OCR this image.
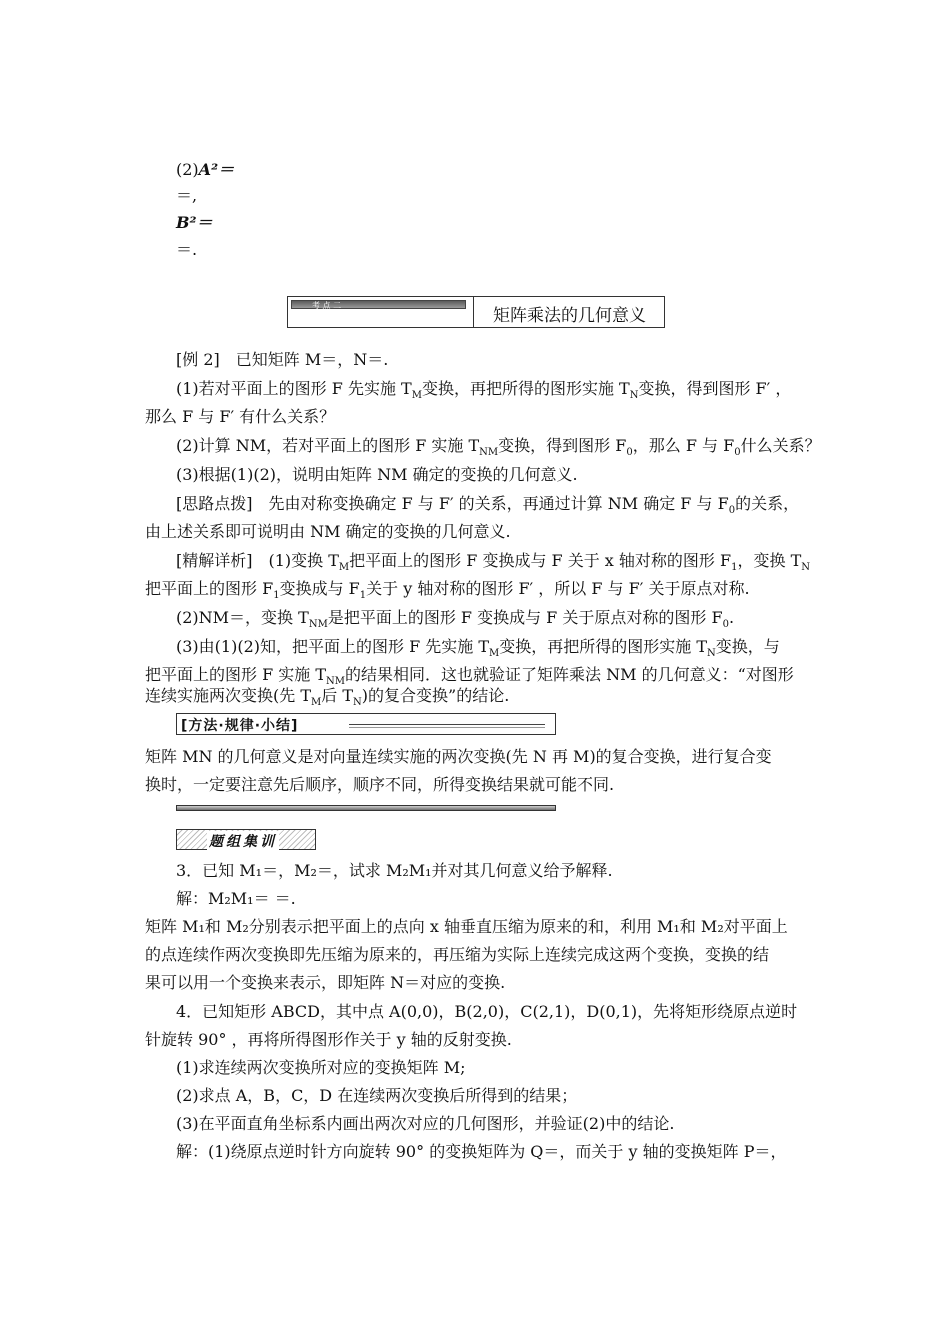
(2)A²＝
＝,
B²＝
＝.
考 点 二
矩阵乘法的几何意义
[例 2]　已知矩阵 M＝，N＝.
(1)若对平面上的图形 F 先实施 $T_M$变换，再把所得的图形实施 $T_N$变换，得到图形 F′ ，
那么 F 与 F′ 有什么关系？
(2)计算 NM，若对平面上的图形 F 实施 $T_{NM}$变换，得到图形 $F_0$，那么 F 与 $F_0$什么关系？
(3)根据(1)(2)，说明由矩阵 NM 确定的变换的几何意义.
[思路点拨]　先由对称变换确定 F 与 F′ 的关系，再通过计算 NM 确定 F 与 $F_0$的关系，
由上述关系即可说明由 NM 确定的变换的几何意义.
[精解详析]　(1)变换 $T_M$把平面上的图形 F 变换成与 F 关于 x 轴对称的图形 $F_1$，变换 $T_N$
把平面上的图形 $F_1$变换成与 $F_1$关于 y 轴对称的图形 F′ ，所以 F 与 F′ 关于原点对称.
(2)NM＝，变换 $T_{NM}$是把平面上的图形 F 变换成与 F 关于原点对称的图形 $F_0$.
(3)由(1)(2)知，把平面上的图形 F 先实施 $T_M$变换，再把所得的图形实施 $T_N$变换，与
把平面上的图形 F 实施 $T_{NM}$的结果相同．这也就验证了矩阵乘法 NM 的几何意义：“对图形
连续实施两次变换(先 $T_M$后 $T_N$)的复合变换”的结论.
[方法·规律·小结]
矩阵 MN 的几何意义是对向量连续实施的两次变换(先 N 再 M)的复合变换，进行复合变
换时，一定要注意先后顺序，顺序不同，所得变换结果就可能不同.
题组集训
3．已知 M₁＝，M₂＝，试求 M₂M₁并对其几何意义给予解释.
解：M₂M₁＝ ＝.
矩阵 M₁和 M₂分别表示把平面上的点向 x 轴垂直压缩为原来的和，利用 M₁和 M₂对平面上
的点连续作两次变换即先压缩为原来的，再压缩为实际上连续完成这两个变换，变换的结
果可以用一个变换来表示，即矩阵 N＝对应的变换.
4．已知矩形 ABCD，其中点 A(0,0)，B(2,0)，C(2,1)，D(0,1)，先将矩形绕原点逆时
针旋转 90° ，再将所得图形作关于 y 轴的反射变换.
(1)求连续两次变换所对应的变换矩阵 M;
(2)求点 A，B，C，D 在连续两次变换后所得到的结果；
(3)在平面直角坐标系内画出两次对应的几何图形，并验证(2)中的结论.
解：(1)绕原点逆时针方向旋转 90° 的变换矩阵为 Q＝，而关于 y 轴的变换矩阵 P＝，
